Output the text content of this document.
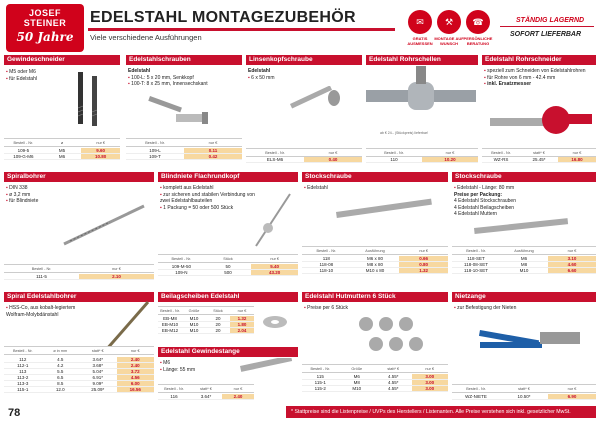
JOSEF
STEINER
50 Jahre
EDELSTAHL MONTAGEZUBEHÖR
Viele verschiedene Ausführungen
✉	⚒	☎
GRATIS AUSMESSEN
MONTAGE AUF WUNSCH
PERSÖNLICHE BERATUNG
STÄNDIG LAGERND
SOFORT LIEFERBAR
Gewindeschneider
▪ M5 oder M6
▪ für Edelstahl
Bestell - Nr.	ø	nur €
109-5	M5	9.60
109-G-M6	M6	10.80
Edelstahlschrauben
Edelstahl
▪ 100-L: 5 x 20 mm, Senkkopf
▪ 100-T: 8 x 25 mm, Innensechskant
Bestell - Nr.	nur €
109-L	0.11
109-T	0.42
Linsenkopfschraube
Edelstahl
▪ 6 x 50 mm
Bestell - Nr.	nur €
ELS-M6	0.40
Edelstahl Rohrschellen
ab € 24.- (Stückpreis) lieferbar!
Bestell - Nr.	nur €
110	10.20
Edelstahl Rohrschneider
▪ speziell zum Schneiden von Edelstahlrohren
▪ für Rohre von 6 mm - 42.4 mm
▪ inkl. Ersatzmesser
Bestell - Nr.	statt* €	nur €
WZ-RS	25.45*	16.80
Spiralbohrer
▪ DIN 338
▪ ø 3,2 mm
▪ für Blindniete
Bestell - Nr.	nur €
111-5	2.10
Blindniete Flachrundkopf
▪ komplett aus Edelstahl
▪ zur sicheren und stabilen Verbindung von zwei Edelstahlbauteilen
▪ 1 Packung = 50 oder 500 Stück
Bestell - Nr.	Stück	nur €
109-M-50	50	5.40
109-N	500	43.20
Stockschraube
▪ Edelstahl
Bestell - Nr.	Ausführung	nur €
118	M6 x 80	0.66
118-08	M8 x 80	0.80
118-10	M10 x 80	1.32
Stockschraube
▪ Edelstahl - Länge: 80 mm
Preise per Packung:
4 Edelstahl Stockschrauben
4 Edelstahl Beilagscheiben
4 Edelstahl Muttern
Bestell - Nr.	Ausführung	nur €
118-SET	M6	3.10
118-08-SET	M8	4.60
118-10-SET	M10	6.60
Spiral Edelstahlbohrer
▪ HSS-Co, aus kobalt-legiertem Wolfram-Molybdänstahl
Bestell - Nr.	ø in mm	statt* €	nur €
112	4.5	3.64*	2.40
112-1	4.2	3.68*	2.40
113	5.5	5.04*	3.72
113-2	6.5	6.91*	4.56
113-3	8.5	9.09*	6.00
115-1	12.0	25.09*	16.56
Beilagscheiben Edelstahl
Bestell - Nr.	Größe	Stück	nur €
EB-M8	M10	20	1.32
EB-M10	M10	20	1.80
EB-M12	M10	20	2.04
Edelstahl Gewindestange
▪ M6
▪ Länge: 55 mm
Bestell - Nr.	statt* €	nur €
116	3.64*	2.40
Edelstahl Hutmuttern 6 Stück
▪ Preise per 6 Stück
Bestell - Nr.	Größe	statt* €	nur €
115	M6	4.55*	3.00
115-1	M8	4.55*	3.00
115-2	M10	4.55*	3.00
Nietzange
▪ zur Befestigung der Nieten
Bestell - Nr.	statt* €	nur €
WZ-NIETE	10.50*	6.90
78	* Stattpreise sind die Listenpreise / UVPs des Herstellers / Listenanten. Alle Preise verstehen sich inkl. gesetzlicher MwSt.
